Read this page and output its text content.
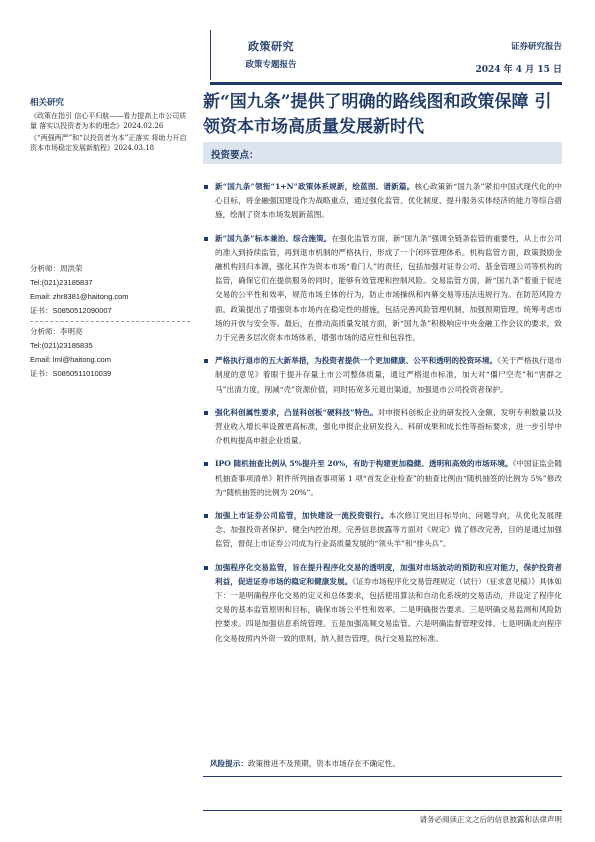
政策研究
政策专题报告
证券研究报告
2024 年 4 月 15 日
新“国九条”提供了明确的路线图和政策保障 引领资本市场高质量发展新时代
相关研究
《政策在指引 信心平归航——看力提高上市公司质量 落实以投资者为本的理念》2024.02.26
《“两强两严”和“以投资者为本”正落实 将助力开启资本市场稳定发展新航程》2024.03.18
分析师：周洪荣
Tel:(021)23185837
Email: zhr8381@haitong.com
证书：S0850512090007
分析师：李明亮
Tel:(021)23185835
Email: lml@haitong.com
证书：S0850511010039
投资要点：
新“国九条”领衔“1+N”政策体系规新，绘蓝图、谱新篇。核心政策新“国九条”紧扣中国式现代化的中心目标，将金融强国建设作为战略重点，通过强化监管、优化制度、提升服务实体经济的能力等综合措施，绘制了资本市场发展新蓝图。
新“国九条”标本兼治、综合施策。在强化监管方面，新“国九条”强调全链条监管的重要性，从上市公司的准入到持续监管，再到退市机制的严格执行，形成了一个闭环管理体系。机构监管方面，政策鼓励金融机构回归本源，强化其作为资本市场“看门人”的责任，包括加强对证券公司、基金管理公司等机构的监管，确保它们在提供服务的同时，能够有效管理和控制风险。交易监管方面，新“国九条”着重于促进交易的公平性和效率，规范市场主体的行为，防止市场操纵和内幕交易等违法违规行为。在防范风险方面，政策提出了增强资本市场内在稳定性的措施，包括完善风险管理机制，加强预期管理，统筹考虑市场的开放与安全等。最后，在推动高质量发展方面，新“国九条”积极响应中央金融工作会议的要求，致力于完善多层次资本市场体系，增强市场的适应性和包容性。
严格执行退市的五大新举措，为投资者提供一个更加健康、公平和透明的投资环境。《关于严格执行退市制度的意见》着眼于提升存量上市公司整体质量，通过严格退市标准，加大对“僵尸空壳”和“害群之马”出清力度，削减“壳”资源价值，同时拓宽多元退出渠道，加强退市公司投资者保护。
强化科创属性要求，凸显科创板“硬科技”特色。对申报科创板企业的研发投入金额、发明专利数量以及营业收入增长率设置更高标准，强化申报企业研发投入、科研成果和成长性等指标要求，进一步引导中介机构提高申报企业质量。
IPO 随机抽查比例从 5%提升至 20%，有助于构建更加稳健、透明和高效的市场环境。《中国证监会随机抽查事项清单》附件所列抽查事项第 1 项“首发企业检查”的抽查比例由“随机抽签的比例为 5%”修改为“随机抽签的比例为 20%”。
加强上市证券公司监管，加快建设一流投资银行。本次修订突出目标导向、问题导向，从优化发展理念、加强投资者保护、健全内控治理、完善信息披露等方面对《规定》做了修改完善，目的是通过加强监管，督促上市证券公司成为行业高质量发展的“领头羊”和“排头兵”。
加强程序化交易监管，旨在提升程序化交易的透明度，加强对市场波动的预防和应对能力，保护投资者利益，促进证券市场的稳定和健康发展。《证券市场程序化交易管理规定（试行）（征求意见稿）》具体如下：一是明确程序化交易的定义和总体要求，包括使用算法和自动化系统的交易活动，并设定了程序化交易的基本监管原则和目标，确保市场公平性和效率。二是明确报告要求。三是明确交易监测和风险防控要求。四是加强信息系统管理。五是加强高频交易监管。六是明确监督管理安排。七是明确北向程序化交易按照内外资一致的原则，纳入报告管理，执行交易监控标准。
风险提示：政策推进不及预期，资本市场存在不确定性。
请务必阅读正文之后的信息披露和法律声明
